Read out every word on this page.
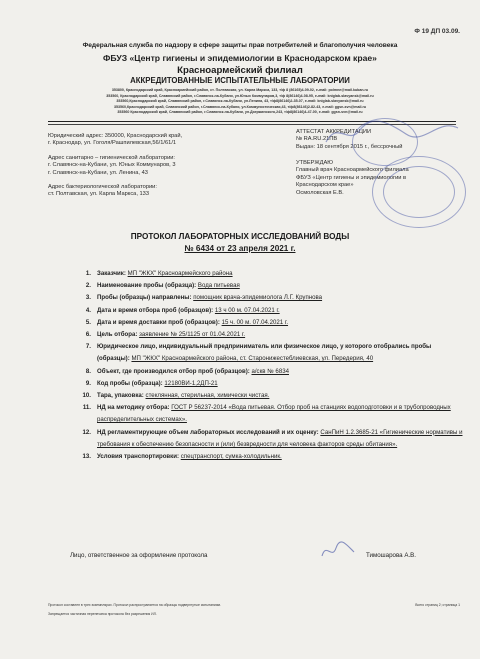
Ф 19 ДП 03.09.
Федеральная служба по надзору в сфере защиты прав потребителей и благополучия человека
ФБУЗ «Центр гигиены и эпидемиологии в Краснодарском крае»
Красноармейский филиал
АККРЕДИТОВАННЫЕ ИСПЫТАТЕЛЬНЫЕ ЛАБОРАТОРИИ
353800, Краснодарский край, Красноармейский район, ст. Полтавская, ул. Карла Маркса, 133, т/ф 8 (86165)4-09-02, e-mail: polmne@mail.kuban.ru
353560, Краснодарский край, Славянский район, г.Славянск-на-Кубани, ул.Юных Коммунаров,3, т/ф 8(86146)4-08-95, e-mail: kniglab-slavyansk@mail.ru
353560,Краснодарский край, Славянский район, г.Славянск-на-Кубани, ул.Ленина, 43, т/ф8(86146)2-35-07, e-mail: kniglab-slavyansk@mail.ru
353560,Краснодарский край, Славянский район, г.Славянск-на-Кубани, ул.Коммунистическая,43, т/ф8(86146)2-82-43, e-mail: ggsn-svn@mail.ru
353560 Краснодарский край, Славянский район, г.Славянск-на-Кубани, ул.Дзержинского,243, т/ф8(86146)4-47-00, e-mail: ggsn-svn@mail.ru
Юридический адрес: 350000, Краснодарский край,
г. Краснодар, ул. Гоголя/Рашпилевская,56/1/61/1
Адрес санитарно – гигиенической лаборатории:
г. Славянск-на-Кубани, ул. Юных Коммунаров, 3
г. Славянск-на-Кубани, ул. Ленина, 43
Адрес бактериологической лаборатории:
ст. Полтавская, ул. Карла Маркса, 133
АТТЕСТАТ АККРЕДИТАЦИИ
№ RA.RU.21ПВ
Выдан: 18 сентября 2015 г., бессрочный
УТВЕРЖДАЮ
Главный врач Красноармейского филиала
ФБУЗ «Центр гигиены и эпидемиологии в
Краснодарском крае»
Осмоловская Е.В.
ПРОТОКОЛ ЛАБОРАТОРНЫХ ИССЛЕДОВАНИЙ ВОДЫ
№ 6434 от 23 апреля 2021 г.
1. Заказчик: МП "ЖКХ" Красноармейского района
2. Наименование пробы (образца): Вода питьевая
3. Пробы (образцы) направлены: помощник врача-эпидемиолога Л.Г. Крупнова
4. Дата и время отбора проб (образцов): 13 ч 00 м. 07.04.2021 г.
5. Дата и время доставки проб (образцов): 15 ч. 00 м. 07.04.2021 г.
6. Цель отбора: заявление № 25/1125 от 01.04.2021 г.
7. Юридическое лицо, индивидуальный предприниматель или физическое лицо, у которого отобрались пробы (образцы): МП "ЖКХ" Красноармейского района, ст. Старонижестеблиевская, ул. Передерия, 40
8. Объект, где производился отбор проб (образцов): а/скв № 6834
9. Код пробы (образца): 12180ВИ-1,2ДП-21
10. Тара, упаковка: стеклянная, стерильная, химически чистая.
11. НД на методику отбора: ГОСТ Р 56237-2014 «Вода питьевая. Отбор проб на станциях водоподготовки и в трубопроводных распределительных системах».
12. НД регламентирующие объем лабораторных исследований и их оценку: СанПиН 1.2.3685-21 «Гигиенические нормативы и требования к обеспечению безопасности и (или) безвредности для человека факторов среды обитания».
13. Условия транспортировки: спецтранспорт, сумка-холодильник.
Лицо, ответственное за оформление протокола	Тимошарова А.В.
Протокол составлен в трех экземплярах. Протокол распространяется на образцы подвергнутые испытаниям.
Запрещается частичная перепечатка протокола без разрешения ИЛ.
Всего страниц 2; страница 1
